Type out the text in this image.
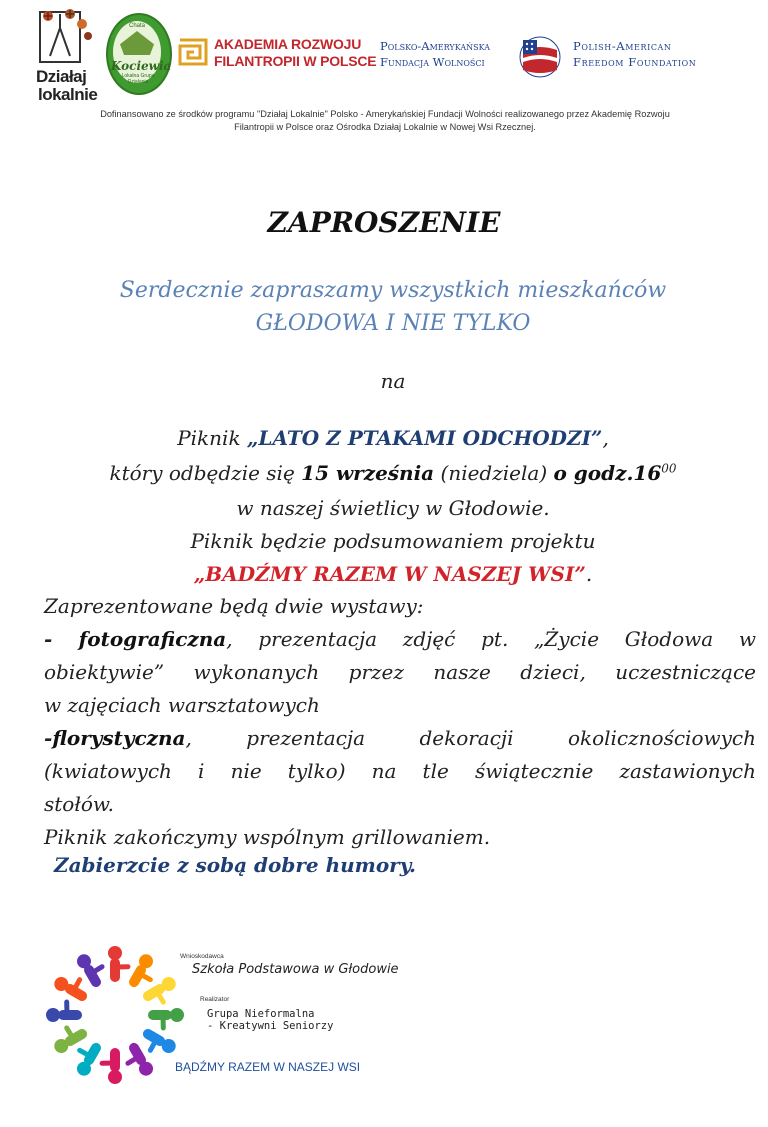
Działaj
lokalnie
Chata
Kociewia
Lokalna Grupa Działania
AKADEMIA ROZWOJU
FILANTROPII W POLSCE
Polsko-Amerykańska
Fundacja Wolności
Polish-American
Freedom Foundation
Dofinansowano ze środków programu "Działaj Lokalnie" Polsko - Amerykańskiej Fundacji Wolności realizowanego przez Akademię Rozwoju
Filantropii w Polsce oraz Ośrodka Działaj Lokalnie w Nowej Wsi Rzecznej.
ZAPROSZENIE
Serdecznie zapraszamy wszystkich mieszkańców
GŁODOWA I NIE TYLKO
na
Piknik „LATO Z PTAKAMI ODCHODZI”,
który odbędzie się 15 września (niedziela) o $godz.16^{00}$
w naszej świetlicy w Głodowie.
Piknik będzie podsumowaniem projektu
„BADŹMY RAZEM W NASZEJ WSI”.
Zaprezentowane będą dwie wystawy:
- fotograficzna, prezentacja zdjęć pt. „Życie Głodowa w
obiektywie” wykonanych przez nasze dzieci, uczestniczące
w zajęciach warsztatowych
-florystyczna, prezentacja dekoracji okolicznościowych
(kwiatowych i nie tylko) na tle świątecznie zastawionych
stołów.
Piknik zakończymy wspólnym grillowaniem.
Zabierzcie z sobą dobre humory.
Wnioskodawca
Szkoła Podstawowa w Głodowie
Realizator
Grupa Nieformalna
- Kreatywni Seniorzy
BĄDŹMY RAZEM W NASZEJ WSI
